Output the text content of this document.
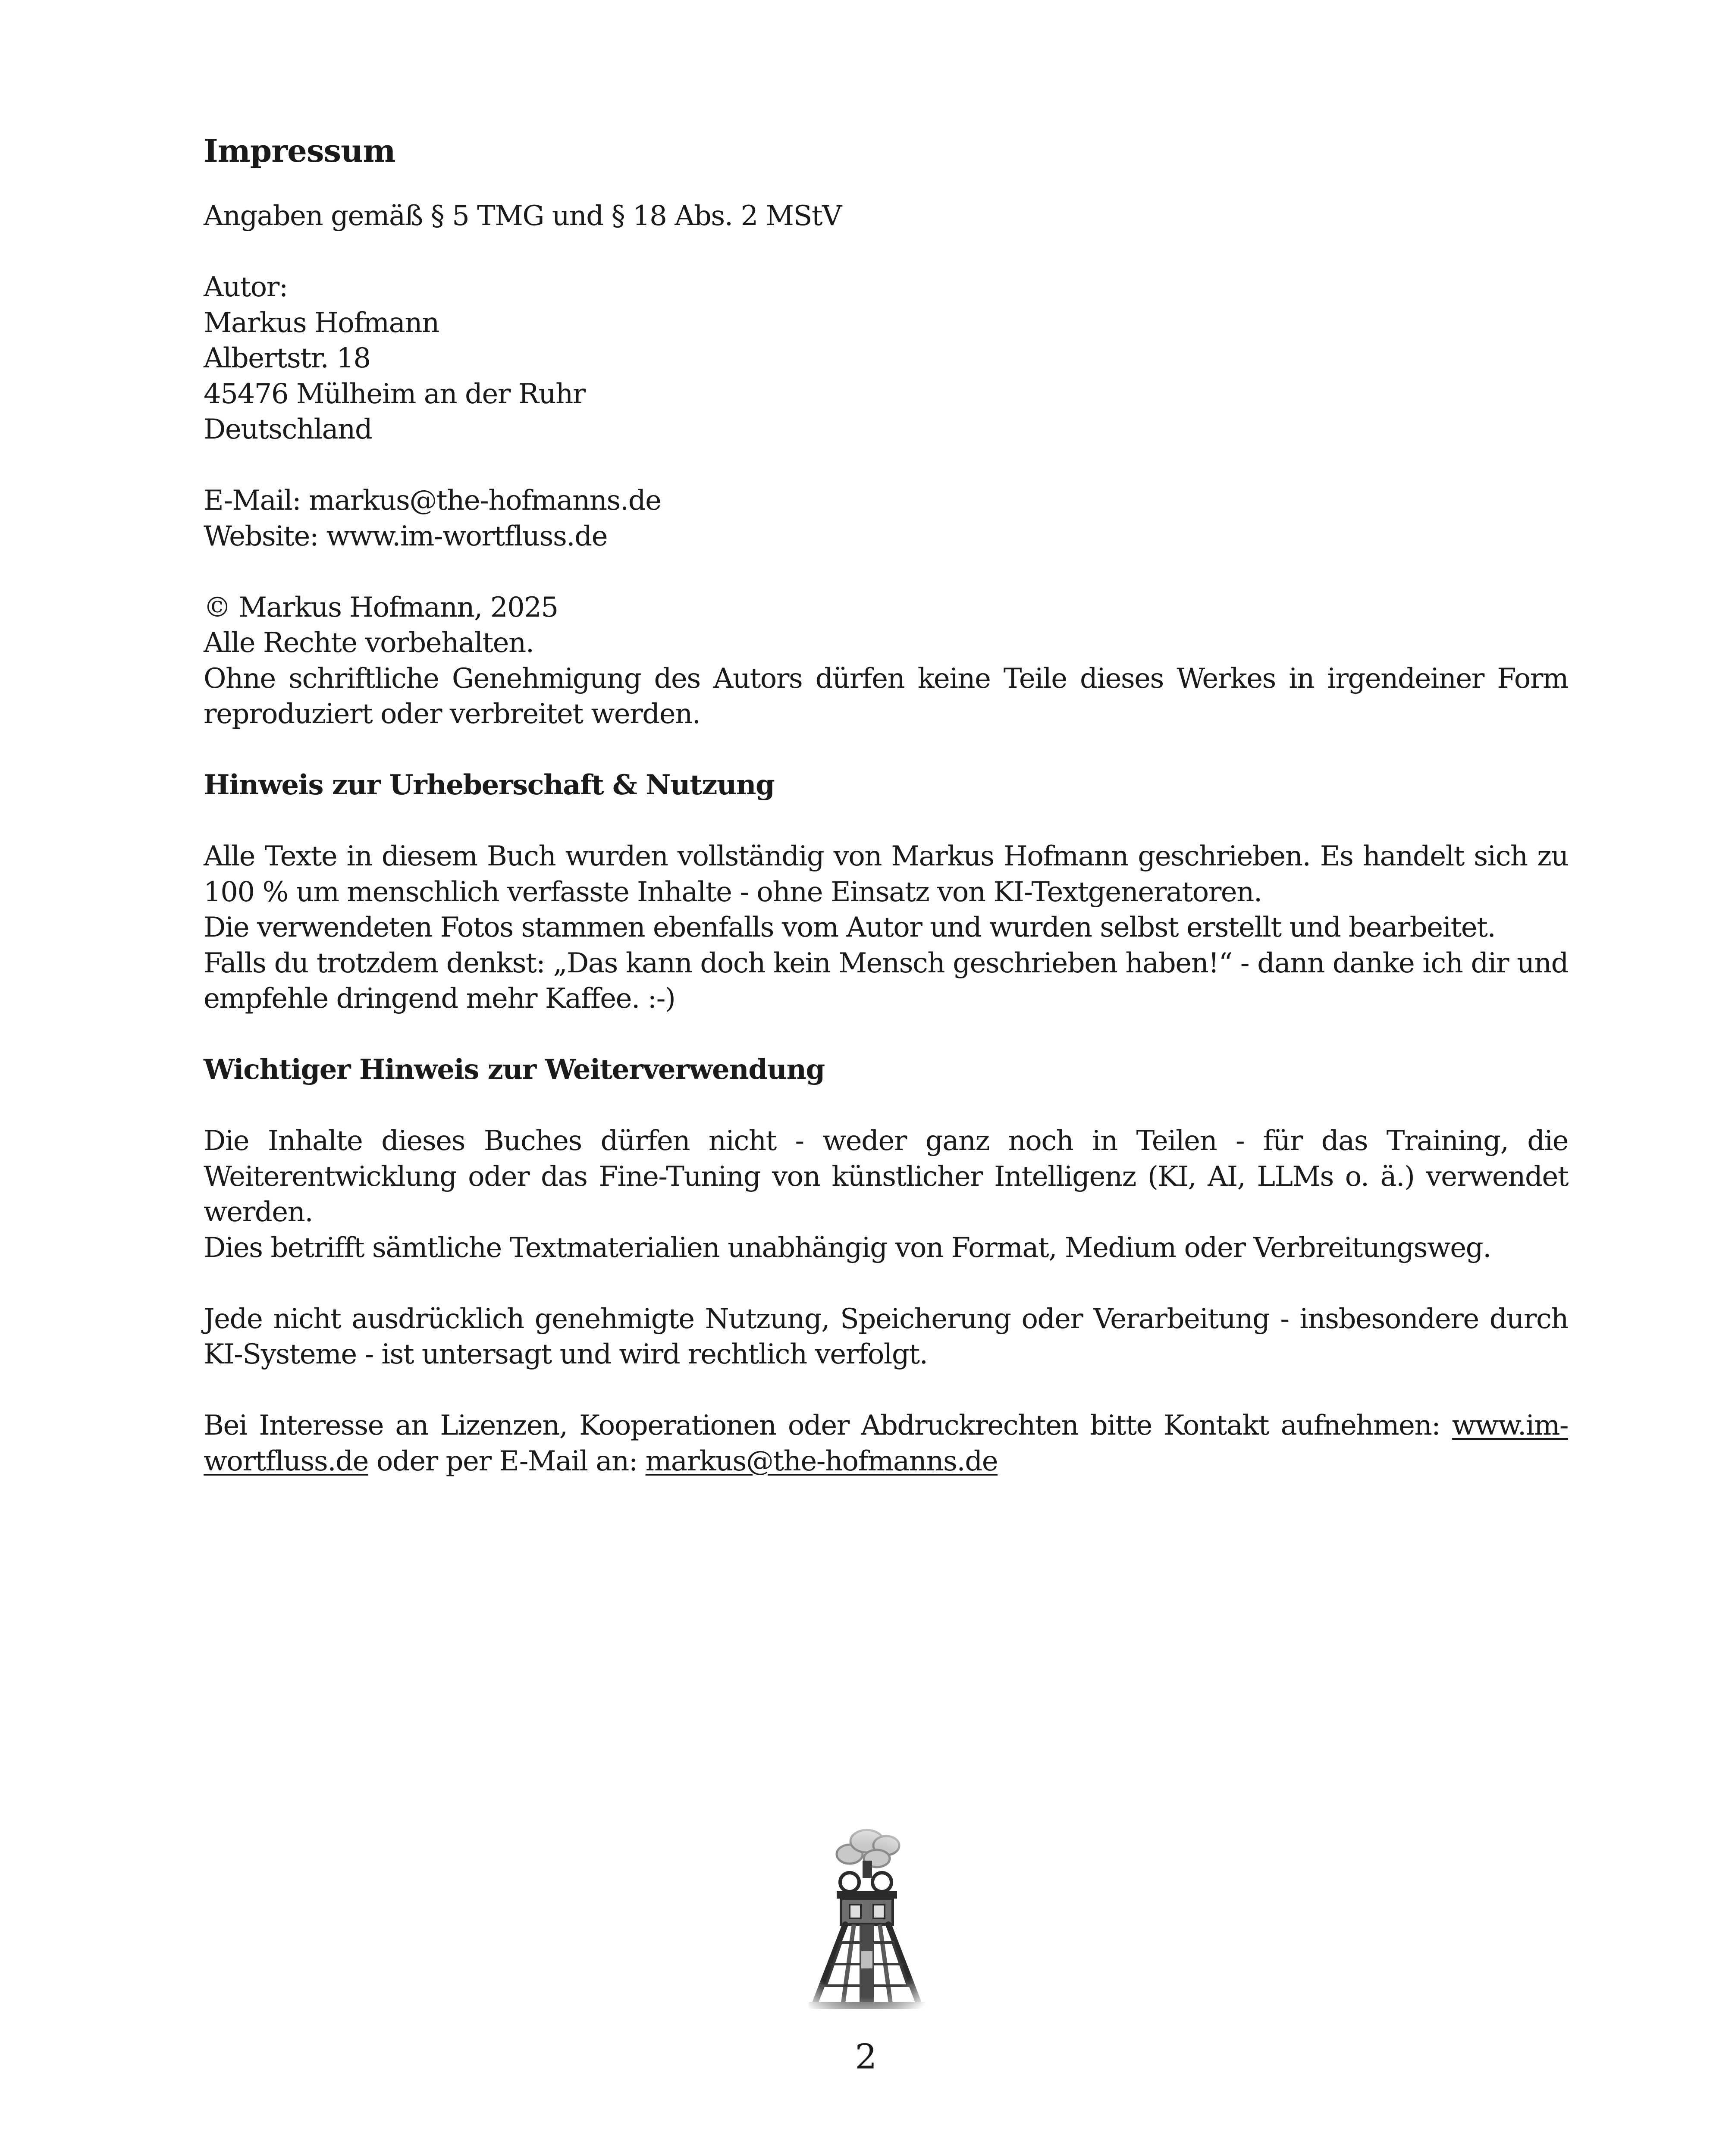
Impressum

Angaben gemäß § 5 TMG und § 18 Abs. 2 MStV

Autor:

Markus Hofmann

Albertstr. 18

45476 Mülheim an der Ruhr

Deutschland

E-Mail: markus@the-hofmanns.de

Website: www.im-wortfluss.de

© Markus Hofmann, 2025

Alle Rechte vorbehalten.

Ohne schriftliche Genehmigung des Autors dürfen keine Teile dieses Werkes in irgendeiner Form reproduziert oder verbreitet werden.

Hinweis zur Urheberschaft & Nutzung

Alle Texte in diesem Buch wurden vollständig von Markus Hofmann geschrieben. Es handelt sich zu 100 % um menschlich verfasste Inhalte - ohne Einsatz von KI-Textgeneratoren.

Die verwendeten Fotos stammen ebenfalls vom Autor und wurden selbst erstellt und bearbeitet.

Falls du trotzdem denkst: „Das kann doch kein Mensch geschrieben haben!“ - dann danke ich dir und empfehle dringend mehr Kaffee. :-)

Wichtiger Hinweis zur Weiterverwendung

Die Inhalte dieses Buches dürfen nicht - weder ganz noch in Teilen - für das Training, die Weiterentwicklung oder das Fine-Tuning von künstlicher Intelligenz (KI, AI, LLMs o. ä.) verwendet werden.

Dies betrifft sämtliche Textmaterialien unabhängig von Format, Medium oder Verbreitungsweg.

Jede nicht ausdrücklich genehmigte Nutzung, Speicherung oder Verarbeitung - insbesondere durch KI-Systeme - ist untersagt und wird rechtlich verfolgt.

Bei Interesse an Lizenzen, Kooperationen oder Abdruckrechten bitte Kontakt aufnehmen: www.im-wortfluss.de oder per E-Mail an: markus@the-hofmanns.de

2
